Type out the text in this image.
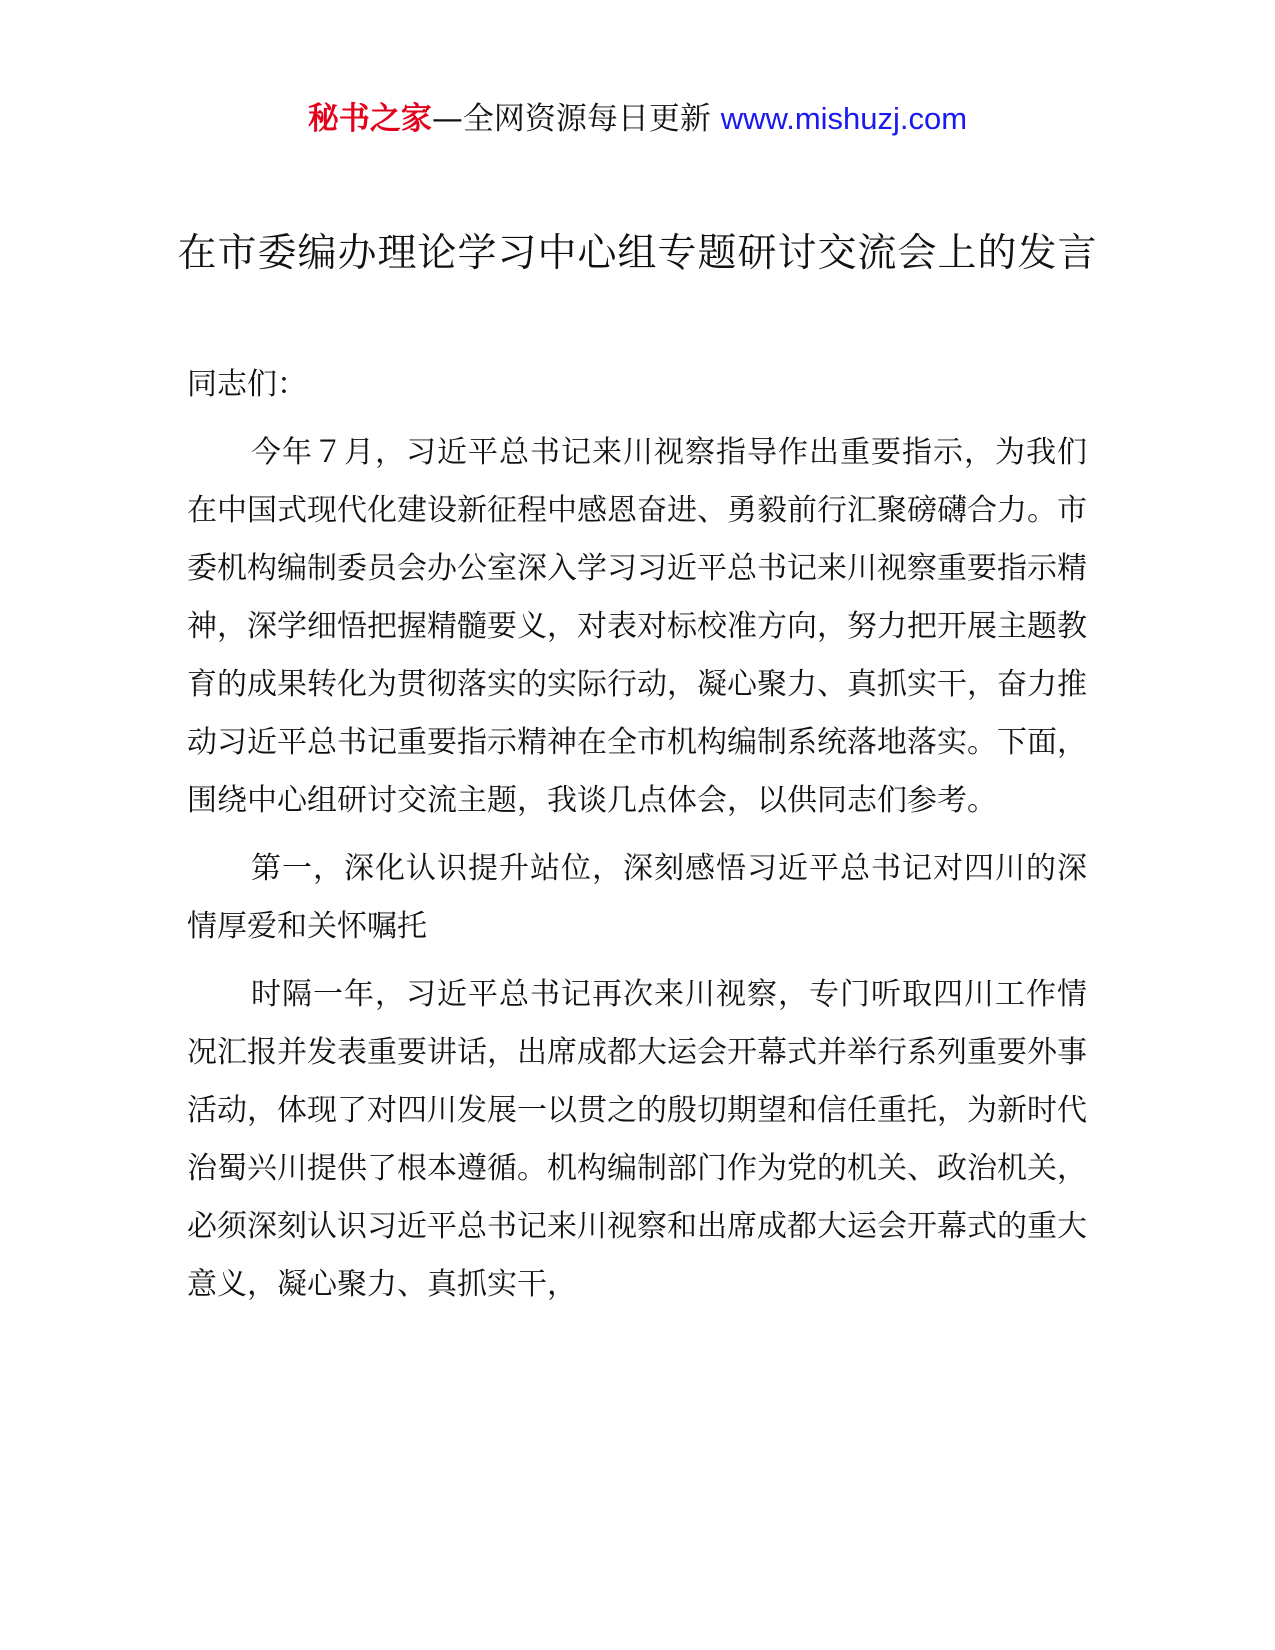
秘书之家—全网资源每日更新 www.mishuzj.com
在市委编办理论学习中心组专题研讨交流会上的发言

同志们：

今年７月，习近平总书记来川视察指导作出重要指示，为我们在中国式现代化建设新征程中感恩奋进、勇毅前行汇聚磅礴合力。市委机构编制委员会办公室深入学习习近平总书记来川视察重要指示精神，深学细悟把握精髓要义，对表对标校准方向，努力把开展主题教育的成果转化为贯彻落实的实际行动，凝心聚力、真抓实干，奋力推动习近平总书记重要指示精神在全市机构编制系统落地落实。下面，围绕中心组研讨交流主题，我谈几点体会，以供同志们参考。

第一，深化认识提升站位，深刻感悟习近平总书记对四川的深情厚爱和关怀嘱托

时隔一年，习近平总书记再次来川视察，专门听取四川工作情况汇报并发表重要讲话，出席成都大运会开幕式并举行系列重要外事活动，体现了对四川发展一以贯之的殷切期望和信任重托，为新时代治蜀兴川提供了根本遵循。机构编制部门作为党的机关、政治机关，必须深刻认识习近平总书记来川视察和出席成都大运会开幕式的重大意义，凝心聚力、真抓实干，
